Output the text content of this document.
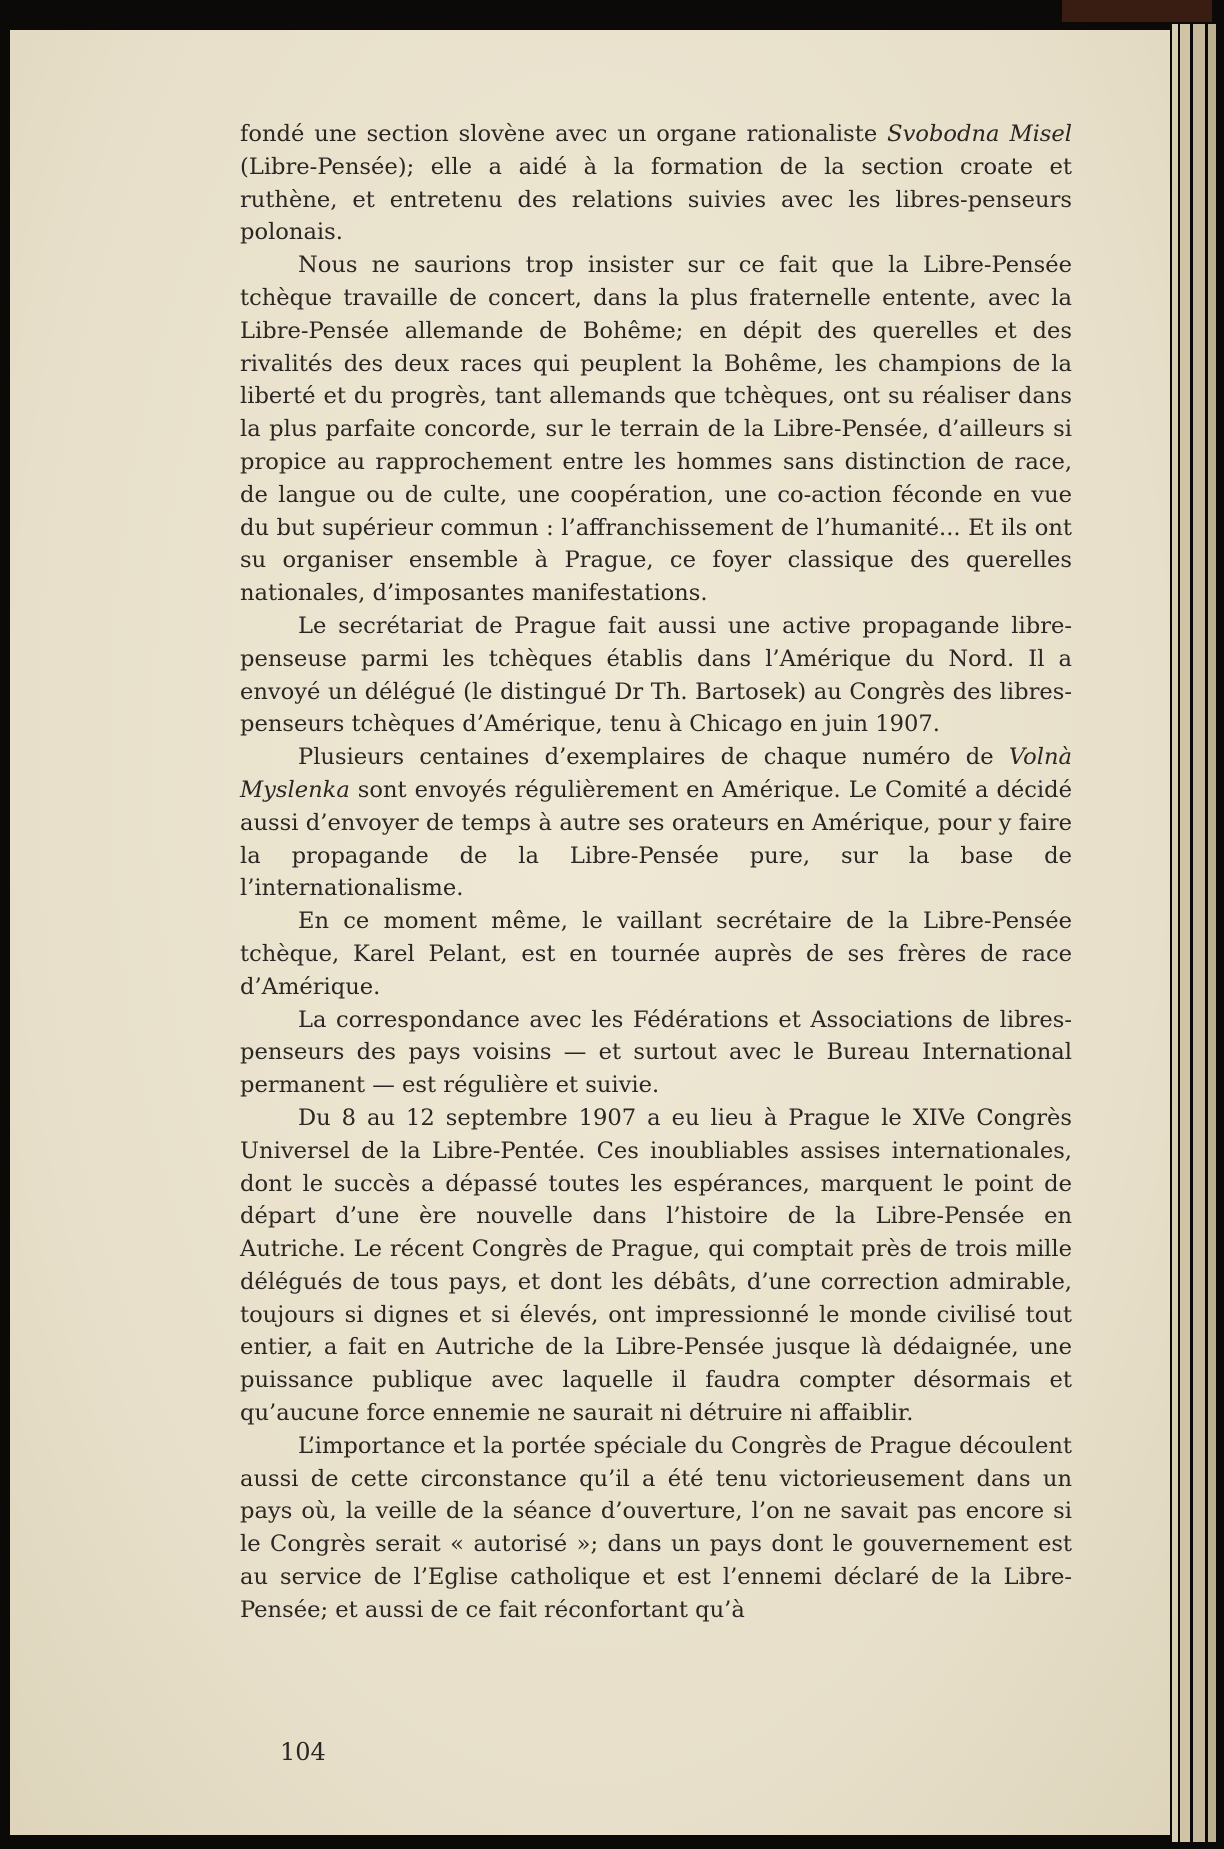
fondé une section slovène avec un organe rationaliste Svobodna Misel (Libre-Pensée); elle a aidé à la formation de la section croate et ruthène, et entretenu des relations suivies avec les libres-penseurs polonais.

Nous ne saurions trop insister sur ce fait que la Libre-Pensée tchèque travaille de concert, dans la plus fraternelle entente, avec la Libre-Pensée allemande de Bohême; en dépit des querelles et des rivalités des deux races qui peuplent la Bohême, les champions de la liberté et du progrès, tant allemands que tchèques, ont su réaliser dans la plus parfaite concorde, sur le terrain de la Libre-Pensée, d’ailleurs si propice au rapprochement entre les hommes sans distinction de race, de langue ou de culte, une coopération, une co-action féconde en vue du but supérieur commun : l’affranchissement de l’humanité... Et ils ont su organiser ensemble à Prague, ce foyer classique des querelles nationales, d’imposantes manifestations.

Le secrétariat de Prague fait aussi une active propagande libre-penseuse parmi les tchèques établis dans l’Amérique du Nord. Il a envoyé un délégué (le distingué Dr Th. Bartosek) au Congrès des libres-penseurs tchèques d’Amérique, tenu à Chicago en juin 1907.

Plusieurs centaines d’exemplaires de chaque numéro de Volnà Myslenka sont envoyés régulièrement en Amérique. Le Comité a décidé aussi d’envoyer de temps à autre ses orateurs en Amérique, pour y faire la propagande de la Libre-Pensée pure, sur la base de l’internationalisme.

En ce moment même, le vaillant secrétaire de la Libre-Pensée tchèque, Karel Pelant, est en tournée auprès de ses frères de race d’Amérique.

La correspondance avec les Fédérations et Associations de libres-penseurs des pays voisins — et surtout avec le Bureau International permanent — est régulière et suivie.

Du 8 au 12 septembre 1907 a eu lieu à Prague le XIVe Congrès Universel de la Libre-Pentée. Ces inoubliables assises internationales, dont le succès a dépassé toutes les espérances, marquent le point de départ d’une ère nouvelle dans l’histoire de la Libre-Pensée en Autriche. Le récent Congrès de Prague, qui comptait près de trois mille délégués de tous pays, et dont les débâts, d’une correction admirable, toujours si dignes et si élevés, ont impressionné le monde civilisé tout entier, a fait en Autriche de la Libre-Pensée jusque là dédaignée, une puissance publique avec laquelle il faudra compter désormais et qu’aucune force ennemie ne saurait ni détruire ni affaiblir.

L’importance et la portée spéciale du Congrès de Prague découlent aussi de cette circonstance qu’il a été tenu victorieusement dans un pays où, la veille de la séance d’ouverture, l’on ne savait pas encore si le Congrès serait « autorisé »; dans un pays dont le gouvernement est au service de l’Eglise catholique et est l’ennemi déclaré de la Libre-Pensée; et aussi de ce fait réconfortant qu’à

104
